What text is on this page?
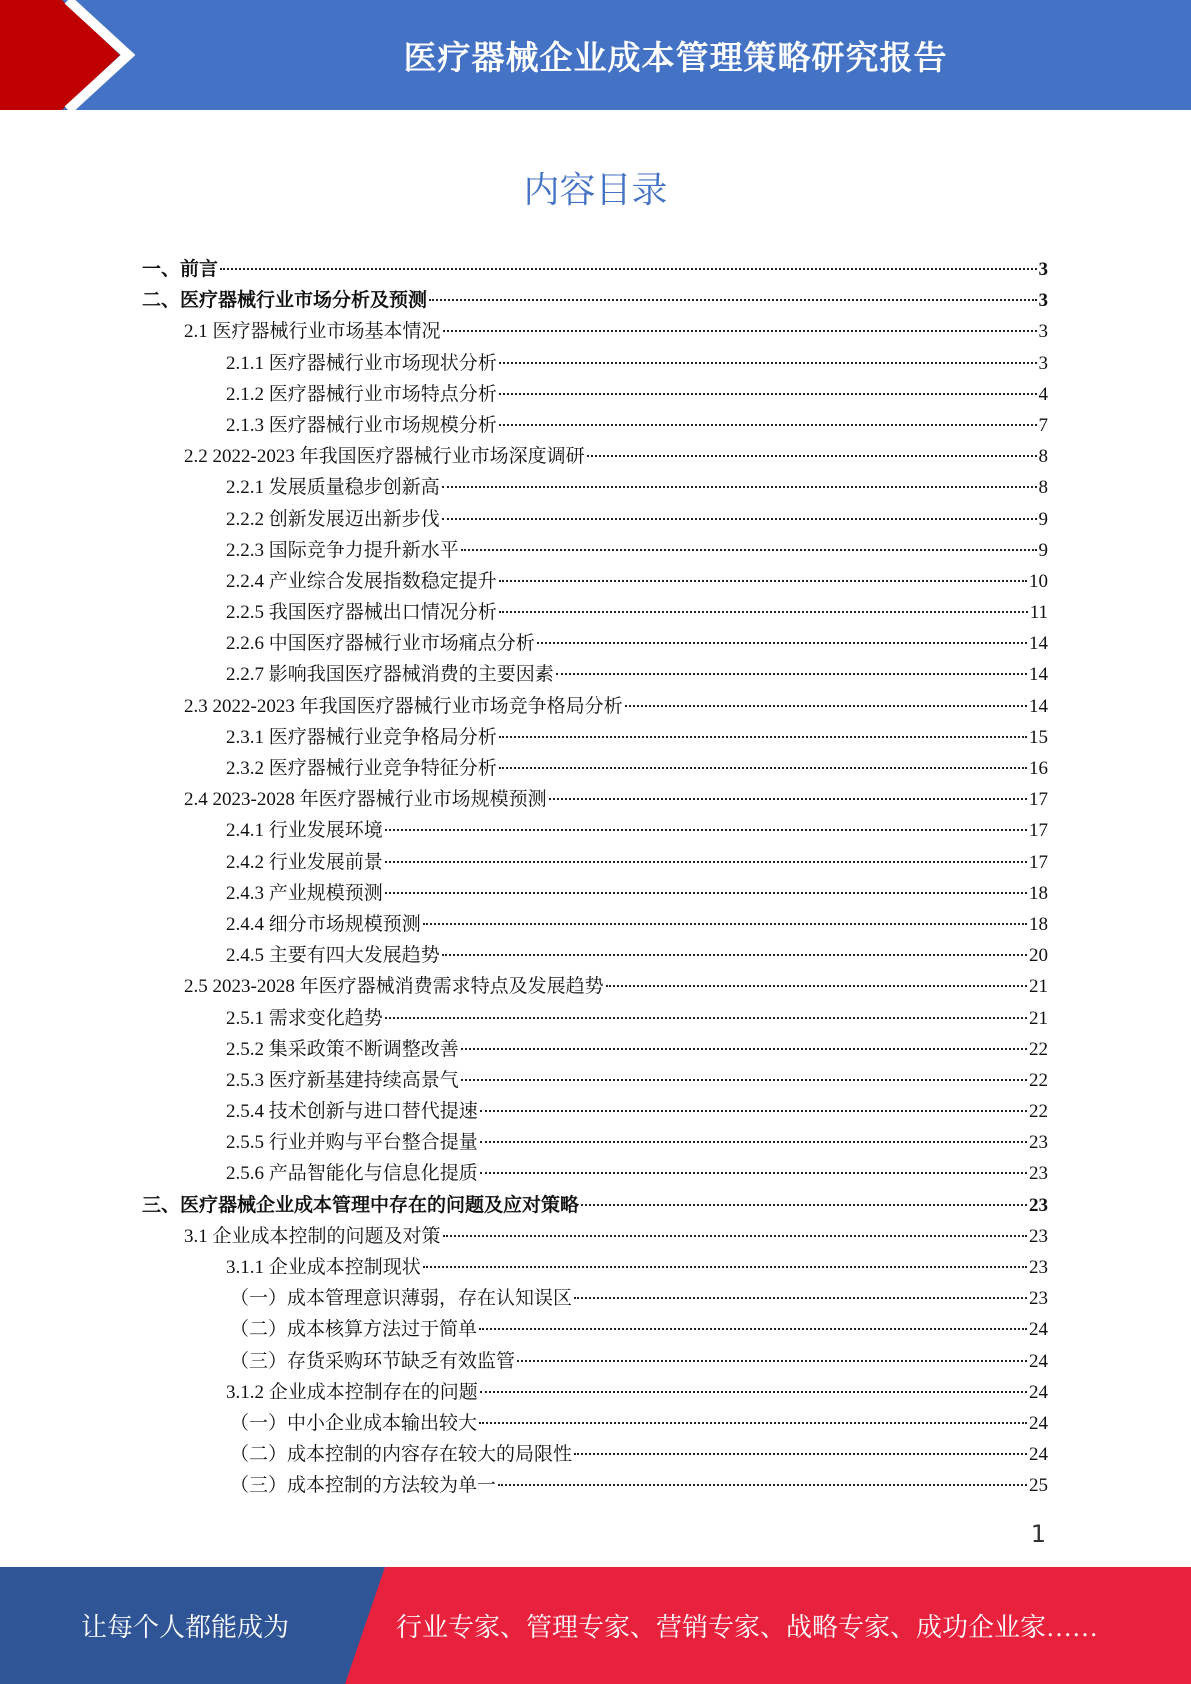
医疗器械企业成本管理策略研究报告
内容目录
一、前言	3
二、医疗器械行业市场分析及预测	3
2.1 医疗器械行业市场基本情况	3
2.1.1 医疗器械行业市场现状分析	3
2.1.2 医疗器械行业市场特点分析	4
2.1.3 医疗器械行业市场规模分析	7
2.2 2022-2023 年我国医疗器械行业市场深度调研	8
2.2.1 发展质量稳步创新高	8
2.2.2 创新发展迈出新步伐	9
2.2.3 国际竞争力提升新水平	9
2.2.4 产业综合发展指数稳定提升	10
2.2.5 我国医疗器械出口情况分析	11
2.2.6 中国医疗器械行业市场痛点分析	14
2.2.7 影响我国医疗器械消费的主要因素	14
2.3 2022-2023 年我国医疗器械行业市场竞争格局分析	14
2.3.1 医疗器械行业竞争格局分析	15
2.3.2 医疗器械行业竞争特征分析	16
2.4 2023-2028 年医疗器械行业市场规模预测	17
2.4.1 行业发展环境	17
2.4.2 行业发展前景	17
2.4.3 产业规模预测	18
2.4.4 细分市场规模预测	18
2.4.5 主要有四大发展趋势	20
2.5 2023-2028 年医疗器械消费需求特点及发展趋势	21
2.5.1 需求变化趋势	21
2.5.2 集采政策不断调整改善	22
2.5.3 医疗新基建持续高景气	22
2.5.4 技术创新与进口替代提速	22
2.5.5 行业并购与平台整合提量	23
2.5.6 产品智能化与信息化提质	23
三、医疗器械企业成本管理中存在的问题及应对策略	23
3.1 企业成本控制的问题及对策	23
3.1.1 企业成本控制现状	23
（一）成本管理意识薄弱，存在认知误区	23
（二）成本核算方法过于简单	24
（三）存货采购环节缺乏有效监管	24
3.1.2 企业成本控制存在的问题	24
（一）中小企业成本输出较大	24
（二）成本控制的内容存在较大的局限性	24
（三）成本控制的方法较为单一	25
1
让每个人都能成为	行业专家、管理专家、营销专家、战略专家、成功企业家……
